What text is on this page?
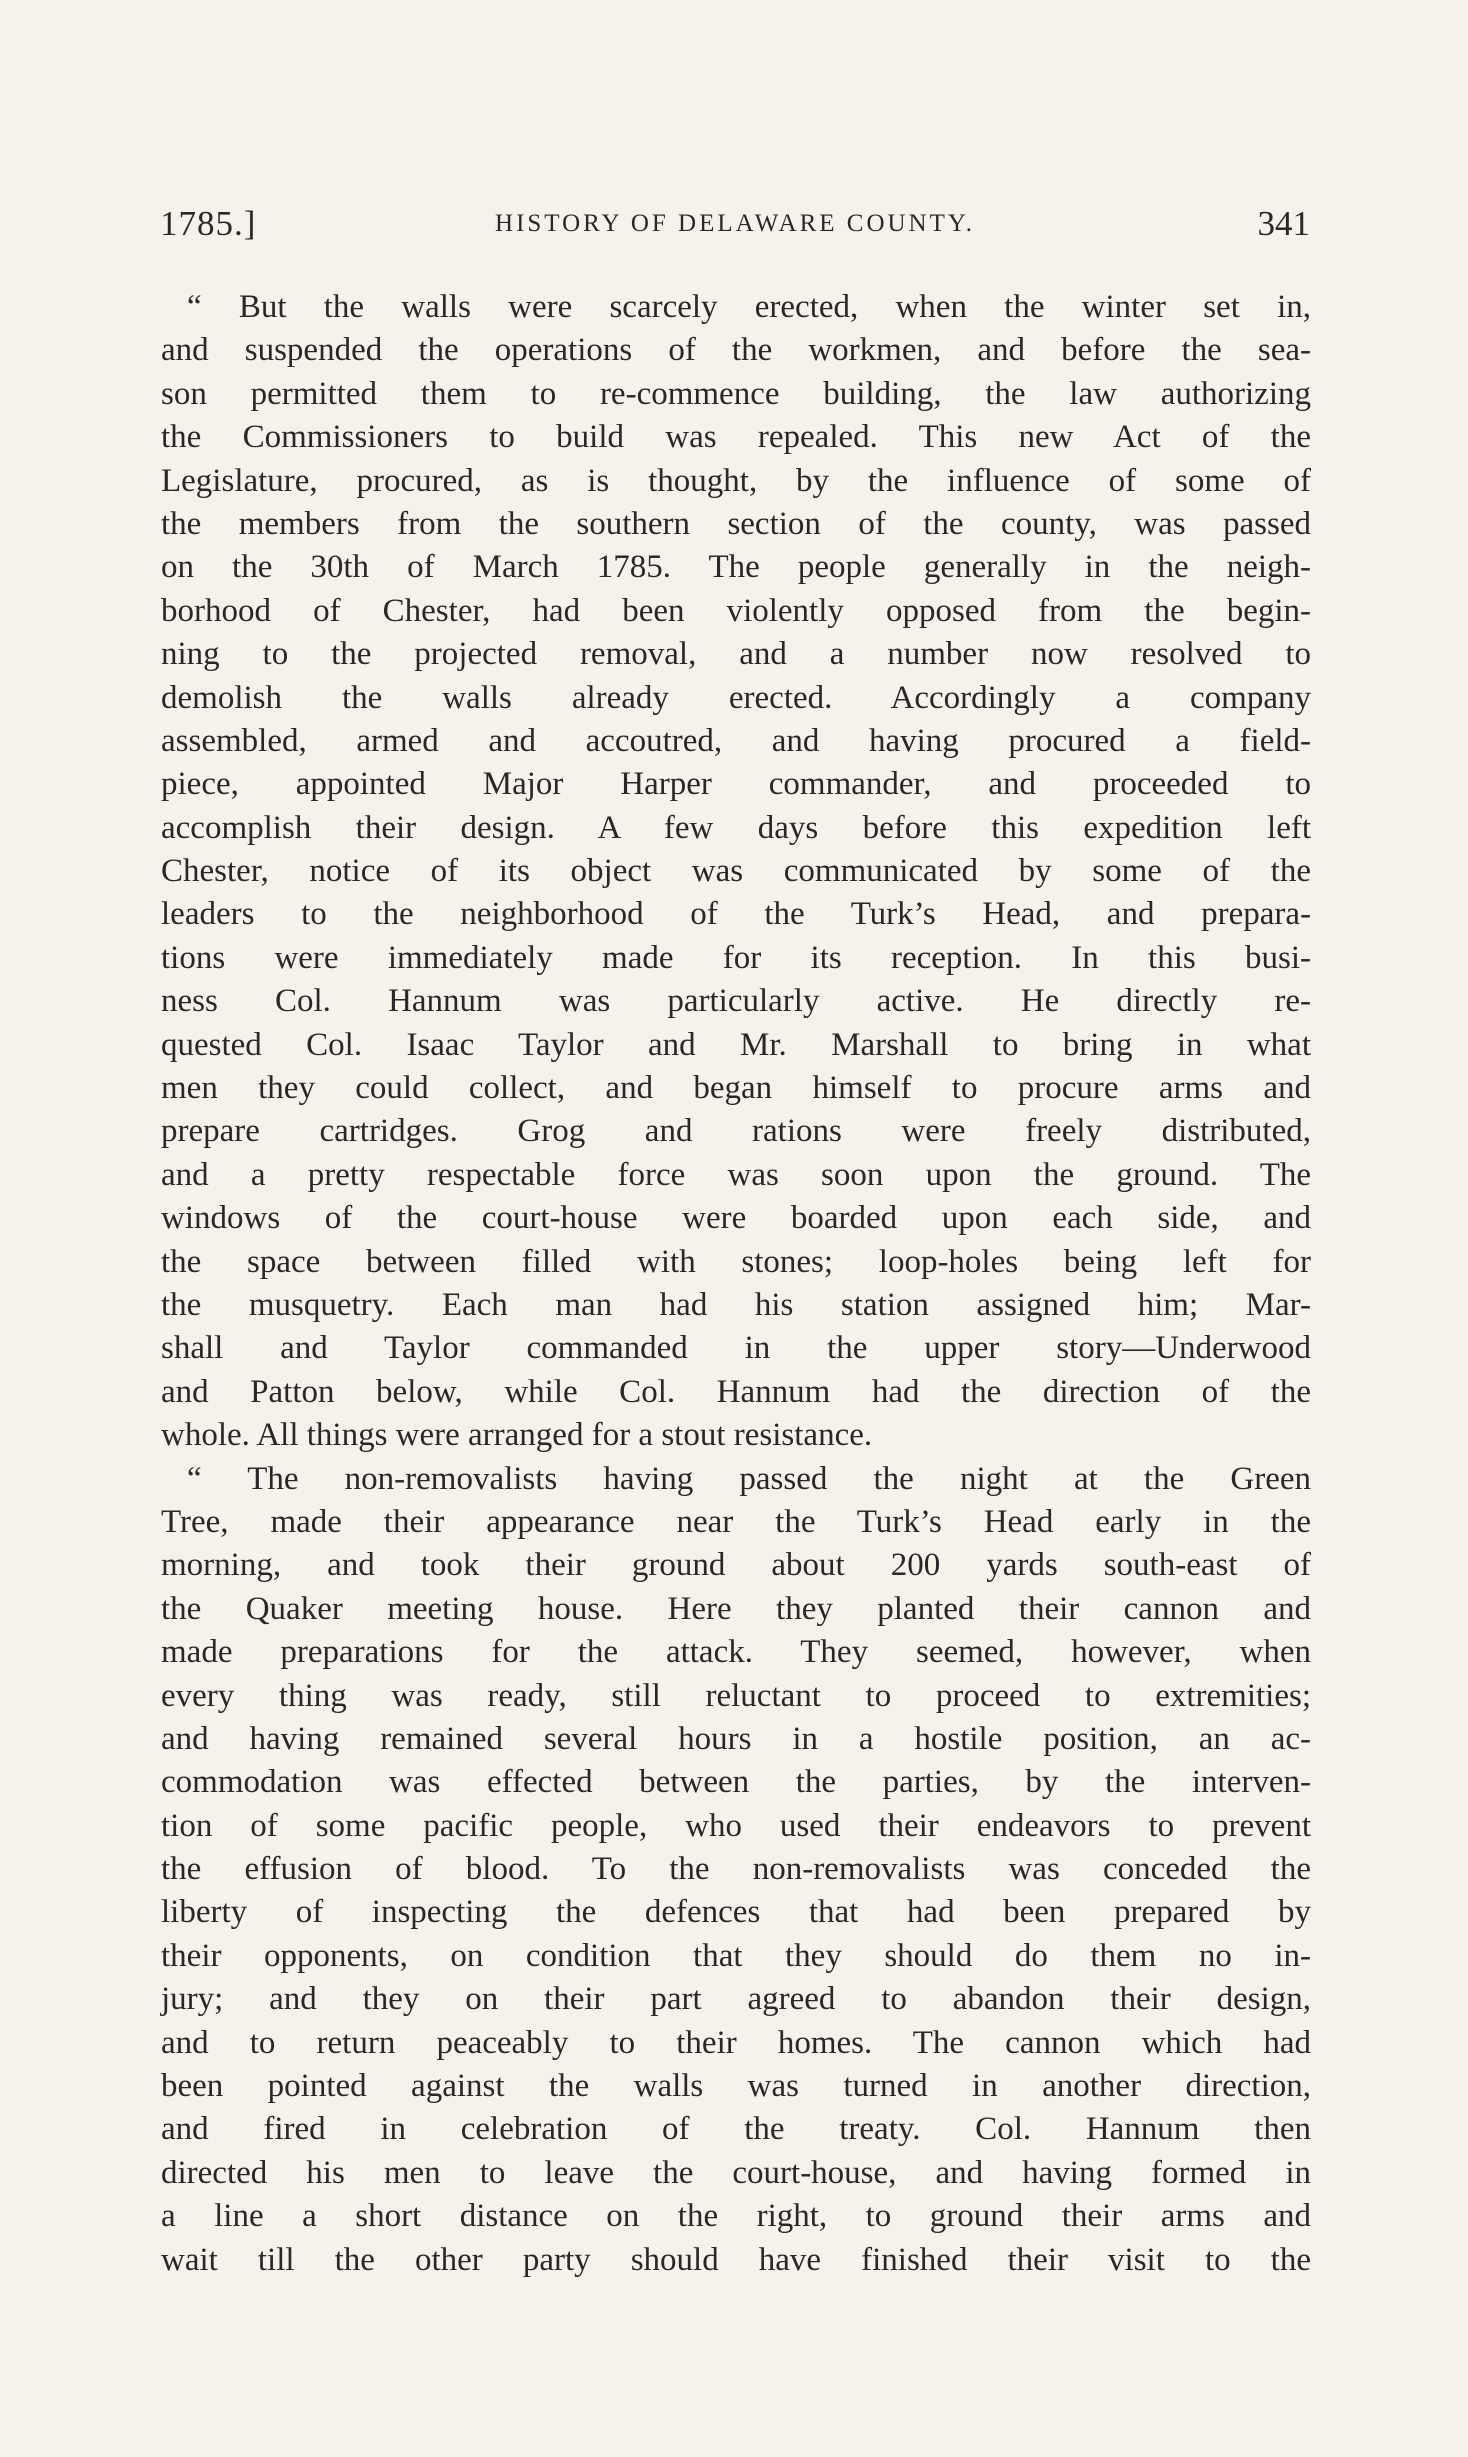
1785.]	HISTORY OF DELAWARE COUNTY.	341
“ But the walls were scarcely erected, when the winter set in,
and suspended the operations of the workmen, and before the sea-
son permitted them to re-commence building, the law authorizing
the Commissioners to build was repealed. This new Act of the
Legislature, procured, as is thought, by the influence of some of
the members from the southern section of the county, was passed
on the 30th of March 1785. The people generally in the neigh-
borhood of Chester, had been violently opposed from the begin-
ning to the projected removal, and a number now resolved to
demolish the walls already erected. Accordingly a company
assembled, armed and accoutred, and having procured a field-
piece, appointed Major Harper commander, and proceeded to
accomplish their design. A few days before this expedition left
Chester, notice of its object was communicated by some of the
leaders to the neighborhood of the Turk’s Head, and prepara-
tions were immediately made for its reception. In this busi-
ness Col. Hannum was particularly active. He directly re-
quested Col. Isaac Taylor and Mr. Marshall to bring in what
men they could collect, and began himself to procure arms and
prepare cartridges. Grog and rations were freely distributed,
and a pretty respectable force was soon upon the ground. The
windows of the court-house were boarded upon each side, and
the space between filled with stones; loop-holes being left for
the musquetry. Each man had his station assigned him; Mar-
shall and Taylor commanded in the upper story—Underwood
and Patton below, while Col. Hannum had the direction of the
whole. All things were arranged for a stout resistance.
“ The non-removalists having passed the night at the Green
Tree, made their appearance near the Turk’s Head early in the
morning, and took their ground about 200 yards south-east of
the Quaker meeting house. Here they planted their cannon and
made preparations for the attack. They seemed, however, when
every thing was ready, still reluctant to proceed to extremities;
and having remained several hours in a hostile position, an ac-
commodation was effected between the parties, by the interven-
tion of some pacific people, who used their endeavors to prevent
the effusion of blood. To the non-removalists was conceded the
liberty of inspecting the defences that had been prepared by
their opponents, on condition that they should do them no in-
jury; and they on their part agreed to abandon their design,
and to return peaceably to their homes. The cannon which had
been pointed against the walls was turned in another direction,
and fired in celebration of the treaty. Col. Hannum then
directed his men to leave the court-house, and having formed in
a line a short distance on the right, to ground their arms and
wait till the other party should have finished their visit to the
